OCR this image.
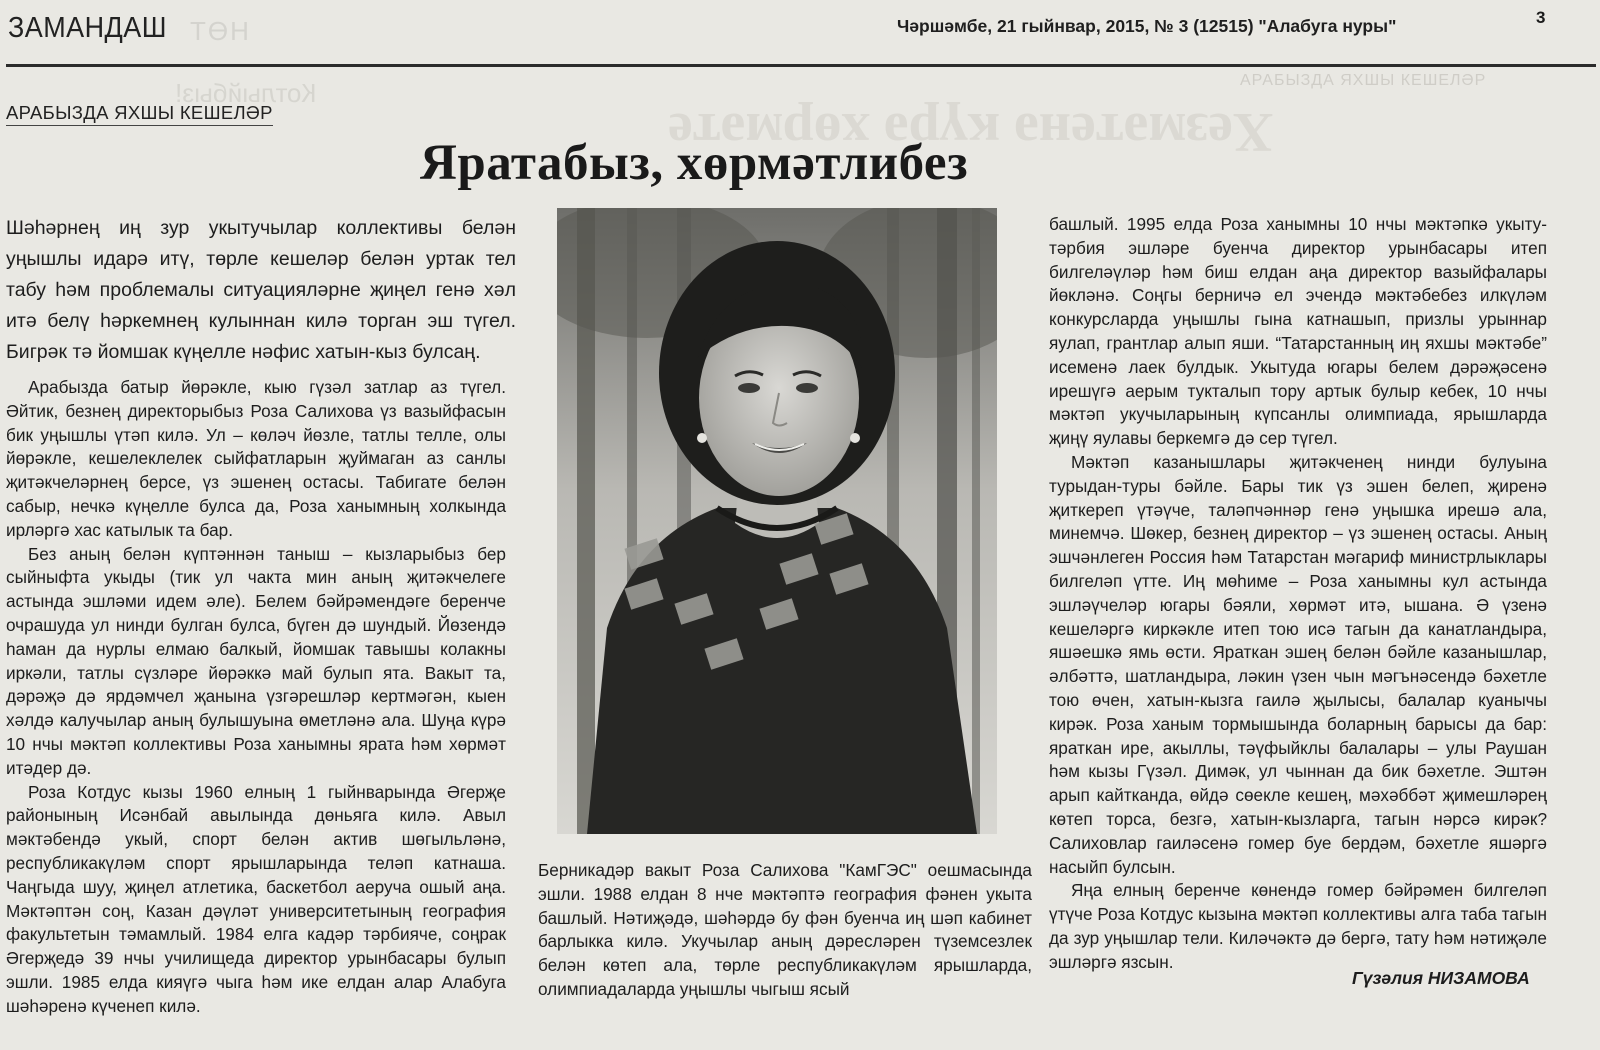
ТӨН
Котлыйбыз!	АРАБЫЗДА ЯХШЫ КЕШЕЛӘР
Хезмәтенә күрә хөрмәте
ЗАМАНДАШ	Чәршәмбе, 21 гыйнвар, 2015, № 3 (12515) "Алабуга нуры"	3
АРАБЫЗДА ЯХШЫ КЕШЕЛӘР
Яратабыз, хөрмәтлибез
Шәһәрнең иң зур укытучылар коллективы белән уңышлы идарә итү, төрле кешеләр белән уртак тел табу һәм проблемалы ситуацияләрне җиңел генә хәл итә белү һәркемнең кулыннан килә торган эш түгел. Бигрәк тә йомшак күңелле нәфис хатын-кыз булсаң.

Арабызда батыр йөрәкле, кыю гүзәл затлар аз түгел. Әйтик, безнең директорыбыз Роза Салихова үз вазыйфасын бик уңышлы үтәп килә. Ул – көләч йөзле, татлы телле, олы йөрәкле, кешелеклелек сыйфатларын җуймаган аз санлы җитәкчеләрнең берсе, үз эшенең остасы. Табигате белән сабыр, нечкә күңелле булса да, Роза ханымның холкында ирләргә хас катылык та бар.

Без аның белән күптәннән таныш – кызларыбыз бер сыйныфта укыды (тик ул чакта мин аның җитәкчелеге астында эшләми идем әле). Белем бәйрәмендәге беренче очрашуда ул нинди булган булса, бүген дә шундый. Йөзендә һаман да нурлы елмаю балкый, йомшак тавышы колакны иркәли, татлы сүзләре йөрәккә май булып ята. Вакыт та, дәрәҗә дә ярдәмчел җанына үзгәрешләр кертмәгән, кыен хәлдә калучылар аның булышуына өметләнә ала. Шуңа күрә 10 нчы мәктәп коллективы Роза ханымны ярата һәм хөрмәт итәдер дә.

Роза Котдус кызы 1960 елның 1 гыйнварында Әгерҗе районының Исәнбай авылында дөньяга килә. Авыл мәктәбендә укый, спорт белән актив шөгыльләнә, республикакүләм спорт ярышларында теләп катнаша. Чаңгыда шуу, җиңел атлетика, баскетбол аеруча ошый аңа. Мәктәптән соң, Казан дәүләт университетының география факультетын тәмамлый. 1984 елга кадәр тәрбияче, соңрак Әгерҗедә 39 нчы училищеда директор урынбасары булып эшли. 1985 елда кияүгә чыга һәм ике елдан алар Алабуга шәһәренә күченеп килә.

Берникадәр вакыт Роза Салихова "КамГЭС" оешмасында эшли. 1988 елдан 8 нче мәктәптә география фәнен укыта башлый. Нәтиҗәдә, шәһәрдә бу фән буенча иң шәп кабинет барлыкка килә. Укучылар аның дәресләрен түземсезлек белән көтеп ала, төрле республикакүләм ярышларда, олимпиадаларда уңышлы чыгыш ясый

башлый. 1995 елда Роза ханымны 10 нчы мәктәпкә укыту-тәрбия эшләре буенча директор урынбасары итеп билгеләүләр һәм биш елдан аңа директор вазыйфалары йөкләнә. Соңгы берничә ел эчендә мәктәбебез илкүләм конкурсларда уңышлы гына катнашып, призлы урыннар яулап, грантлар алып яши. “Татарстанның иң яхшы мәктәбе” исеменә лаек булдык. Укытуда югары белем дәрәҗәсенә ирешүгә аерым тукталып тору артык булыр кебек, 10 нчы мәктәп укучыларының күпсанлы олимпиада, ярышларда җиңү яулавы беркемгә дә сер түгел.

Мәктәп казанышлары җитәкченең нинди булуына турыдан-туры бәйле. Бары тик үз эшен белеп, җиренә җиткереп үтәүче, таләпчәннәр генә уңышка ирешә ала, минемчә. Шөкер, безнең директор – үз эшенең остасы. Аның эшчәнлеген Россия һәм Татарстан мәгариф министрлыклары билгеләп үтте. Иң мөһиме – Роза ханымны кул астында эшләүчеләр югары бәяли, хөрмәт итә, ышана. Ә үзенә кешеләргә киркәкле итеп тою исә тагын да канатландыра, яшәешкә ямь өсти. Яраткан эшең белән бәйле казанышлар, әлбәттә, шатландыра, ләкин үзен чын мәгънәсендә бәхетле тою өчен, хатын-кызга гаилә җылысы, балалар куанычы кирәк. Роза ханым тормышында боларның барысы да бар: яраткан ире, акыллы, тәүфыйклы балалары – улы Раушан һәм кызы Гүзәл. Димәк, ул чыннан да бик бәхетле. Эштән арып кайтканда, өйдә сөекле кешең, мәхәббәт җимешләрең көтеп торса, безгә, хатын-кызларга, тагын нәрсә кирәк? Салиховлар гаиләсенә гомер буе бердәм, бәхетле яшәргә насыйп булсын.

Яңа елның беренче көнендә гомер бәйрәмен билгеләп үтүче Роза Котдус кызына мәктәп коллективы алга таба тагын да зур уңышлар тели. Киләчәктә дә бергә, тату һәм нәтиҗәле эшләргә язсын.

Гүзәлия НИЗАМОВА
